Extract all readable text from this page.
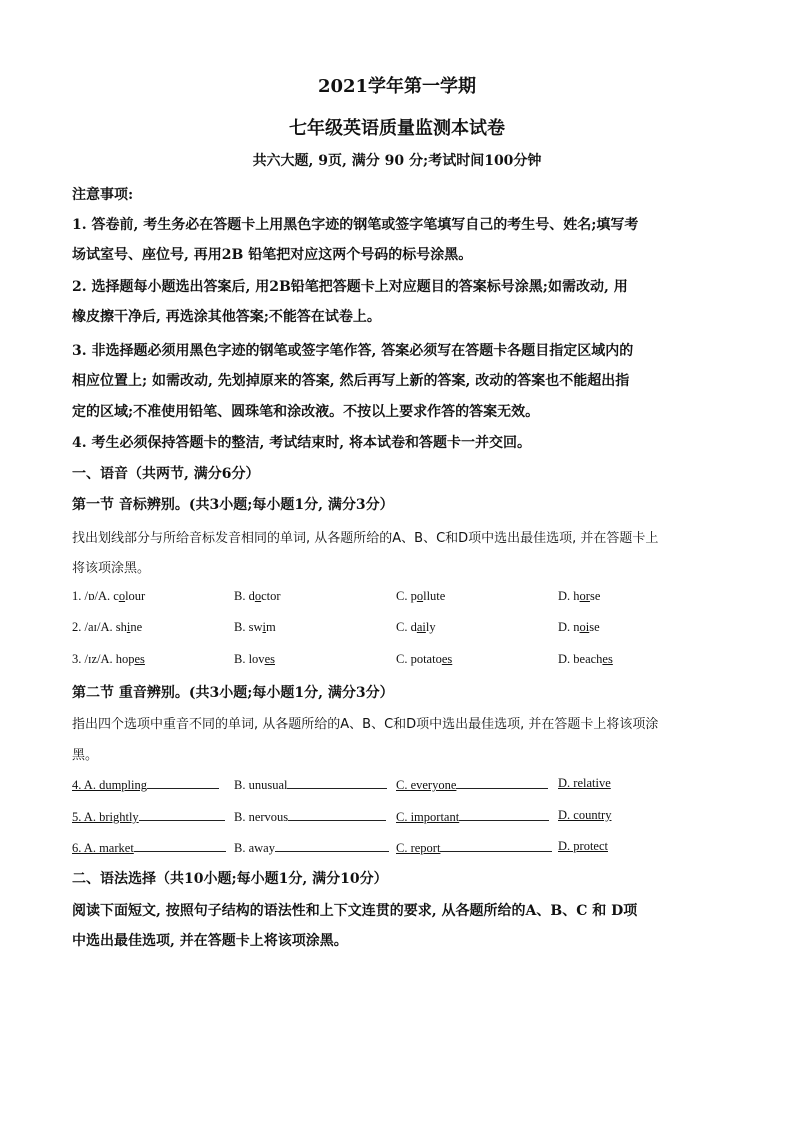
2021学年第一学期
七年级英语质量监测本试卷
共六大题, 9页, 满分 90 分;考试时间100分钟
注意事项:
1. 答卷前, 考生务必在答题卡上用黑色字迹的钢笔或签字笔填写自己的考生号、姓名;填写考
场试室号、座位号, 再用2B 铅笔把对应这两个号码的标号涂黑。
2. 选择题每小题选出答案后, 用2B铅笔把答题卡上对应题目的答案标号涂黑;如需改动, 用
橡皮擦干净后, 再选涂其他答案;不能答在试卷上。
3. 非选择题必须用黑色字迹的钢笔或签字笔作答, 答案必须写在答题卡各题目指定区域内的
相应位置上; 如需改动, 先划掉原来的答案, 然后再写上新的答案, 改动的答案也不能超出指
定的区域;不准使用铅笔、圆珠笔和涂改液。不按以上要求作答的答案无效。
4. 考生必须保持答题卡的整洁, 考试结束时, 将本试卷和答题卡一并交回。
一、语音（共两节, 满分6分）
第一节 音标辨别。(共3小题;每小题1分, 满分3分）
找出划线部分与所给音标发音相同的单词, 从各题所给的A、B、C和D项中选出最佳选项, 并在答题卡上
将该项涂黑。
1. /ɒ/A. colour	B. doctor	C. pollute	D. horse
2. /aɪ/A. shine	B. swim	C. daily	D. noise
3. /ɪz/A. hopes	B. loves	C. potatoes	D. beaches
第二节 重音辨别。(共3小题;每小题1分, 满分3分）
指出四个选项中重音不同的单词, 从各题所给的A、B、C和D项中选出最佳选项, 并在答题卡上将该项涂
黑。
4. A. dumpling	B. unusual	C. everyone	D. relative
5. A. brightly	B. nervous	C. important	D. country
6. A. market	B. away	C. report	D. protect
二、语法选择（共10小题;每小题1分, 满分10分）
阅读下面短文, 按照句子结构的语法性和上下文连贯的要求, 从各题所给的A、B、C 和 D项
中选出最佳选项, 并在答题卡上将该项涂黑。
